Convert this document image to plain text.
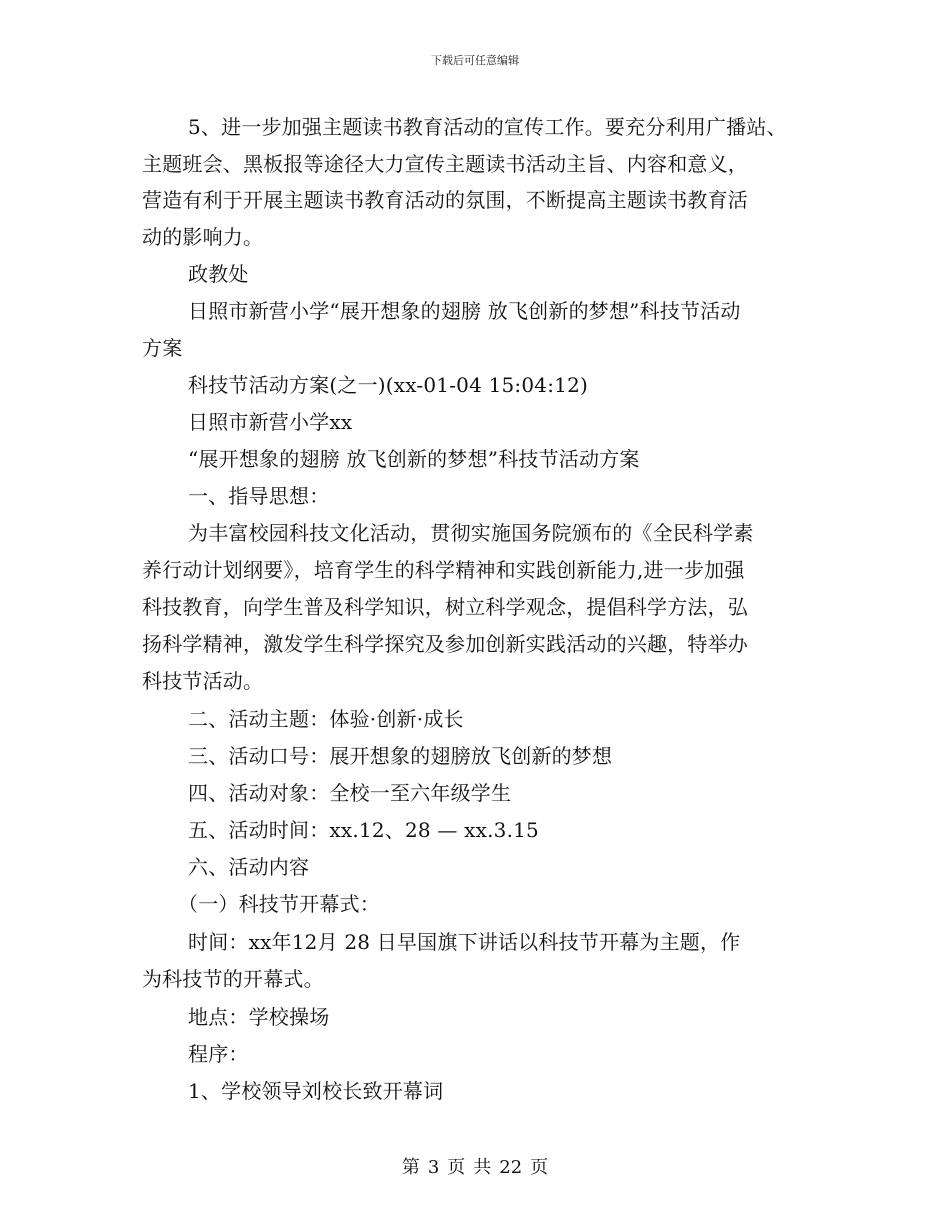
下载后可任意编辑
5、进一步加强主题读书教育活动的宣传工作。要充分利用广播站、
主题班会、黑板报等途径大力宣传主题读书活动主旨、内容和意义，
营造有利于开展主题读书教育活动的氛围，不断提高主题读书教育活
动的影响力。
政教处
日照市新营小学“展开想象的翅膀 放飞创新的梦想”科技节活动
方案
科技节活动方案(之一)(xx-01-04 15:04:12)
日照市新营小学xx
“展开想象的翅膀 放飞创新的梦想”科技节活动方案
一、指导思想：
为丰富校园科技文化活动，贯彻实施国务院颁布的《全民科学素
养行动计划纲要》，培育学生的科学精神和实践创新能力,进一步加强
科技教育，向学生普及科学知识，树立科学观念，提倡科学方法，弘
扬科学精神，激发学生科学探究及参加创新实践活动的兴趣，特举办
科技节活动。
二、活动主题：体验·创新·成长
三、活动口号：展开想象的翅膀放飞创新的梦想
四、活动对象：全校一至六年级学生
五、活动时间：xx.12、28 — xx.3.15
六、活动内容
（一）科技节开幕式：
时间：xx年12月 28 日早国旗下讲话以科技节开幕为主题，作
为科技节的开幕式。
地点：学校操场
程序：
1、学校领导刘校长致开幕词
第 3 页 共 22 页
